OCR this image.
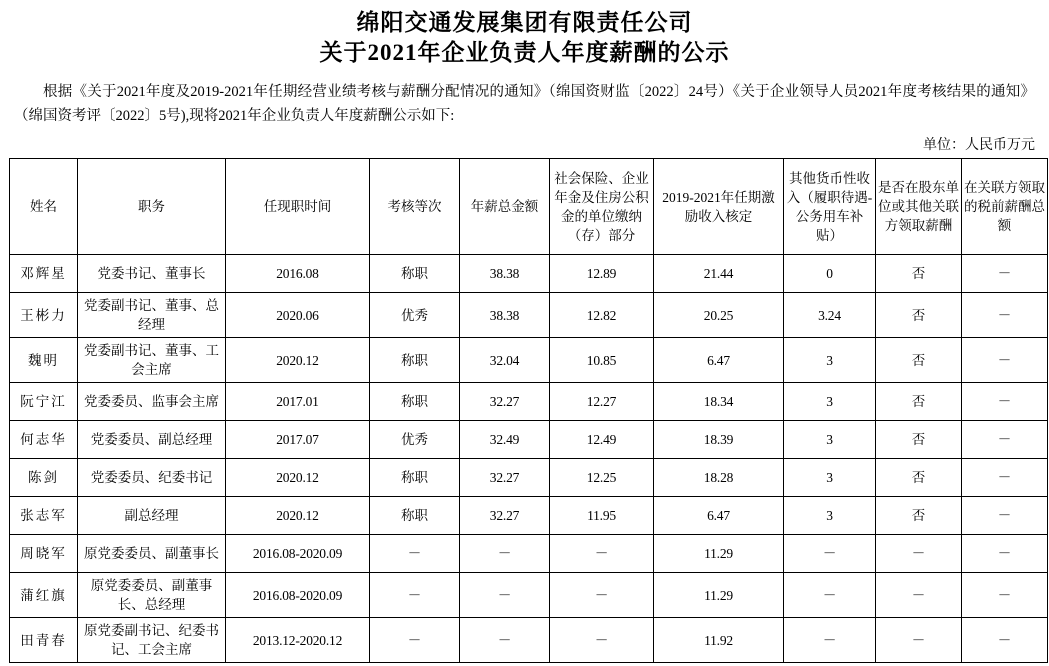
绵阳交通发展集团有限责任公司
关于2021年企业负责人年度薪酬的公示
根据《关于2021年度及2019-2021年任期经营业绩考核与薪酬分配情况的通知》（绵国资财监〔2022〕24号）《关于企业领导人员2021年度考核结果的通知》（绵国资考评〔2022〕5号),现将2021年企业负责人年度薪酬公示如下:
单位：人民币万元
姓名	职务	任现职时间	考核等次	年薪总金额	社会保险、企业年金及住房公积金的单位缴纳（存）部分	2019-2021年任期激励收入核定	其他货币性收入（履职待遇-公务用车补贴）	是否在股东单位或其他关联方领取薪酬	在关联方领取的税前薪酬总额
邓辉星	党委书记、董事长	2016.08	称职	38.38	12.89	21.44	0	否	－
王彬力	党委副书记、董事、总经理	2020.06	优秀	38.38	12.82	20.25	3.24	否	－
魏明	党委副书记、董事、工会主席	2020.12	称职	32.04	10.85	6.47	3	否	－
阮宁江	党委委员、监事会主席	2017.01	称职	32.27	12.27	18.34	3	否	－
何志华	党委委员、副总经理	2017.07	优秀	32.49	12.49	18.39	3	否	－
陈剑	党委委员、纪委书记	2020.12	称职	32.27	12.25	18.28	3	否	－
张志军	副总经理	2020.12	称职	32.27	11.95	6.47	3	否	－
周晓军	原党委委员、副董事长	2016.08-2020.09	－	－	－	11.29	－	－	－
蒲红旗	原党委委员、副董事长、总经理	2016.08-2020.09	－	－	－	11.29	－	－	－
田青春	原党委副书记、纪委书记、工会主席	2013.12-2020.12	－	－	－	11.92	－	－	－
